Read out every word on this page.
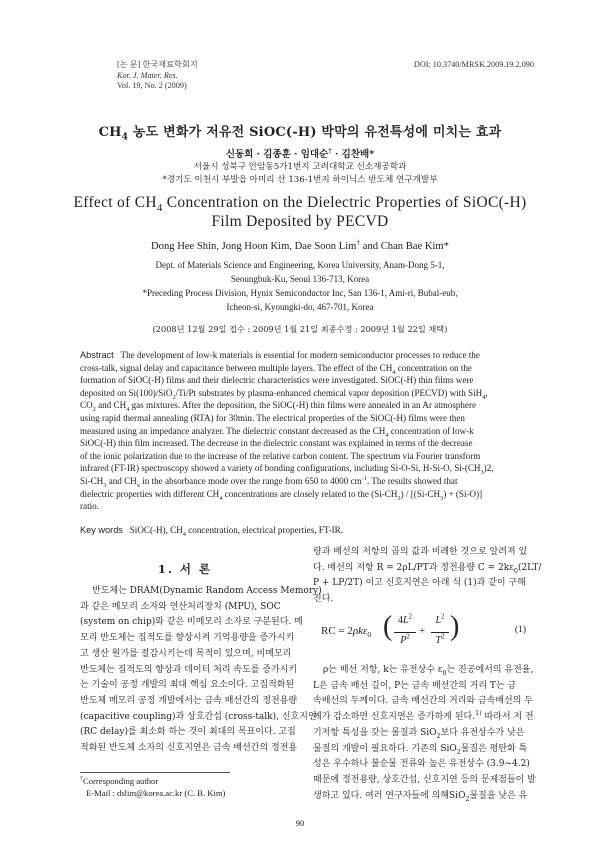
[논 문] 한국재료학회지
Kor. J. Mater. Res.
Vol. 19, No. 2 (2009)
DOI: 10.3740/MRSK.2009.19.2.090
$CH_4$ 농도 변화가 저유전 SiOC(-H) 박막의 유전특성에 미치는 효과
신동희 · 김종훈 · 임대순† · 김찬배*
서울시 성북구 안암동5가1번지 고려대학교 신소재공학과
*경기도 이천시 부발읍 아미리 산 136-1번지 하이닉스 반도체 연구개발부
Effect of $CH_4$ Concentration on the Dielectric Properties of SiOC(-H)
Film Deposited by PECVD
Dong Hee Shin, Jong Hoon Kim, Dae Soon Lim† and Chan Bae Kim*
Dept. of Materials Science and Engineering, Korea University, Anam-Dong 5-1,
Seoungbuk-Ku, Seoul 136-713, Korea
*Preceding Process Division, Hynix Semiconductor Inc, San 136-1, Ami-ri, Bubal-eub,
Icheon-si, Kyoungki-do, 467-701, Korea
(2008년 12월 29일 접수 : 2009년 1월 21일 최종수정 : 2009년 1월 22일 채택)
Abstract The development of low-k materials is essential for modern semiconductor processes to reduce the
cross-talk, signal delay and capacitance between multiple layers. The effect of the $CH_4$ concentration on the
formation of SiOC(-H) films and their dielectric characteristics were investigated. SiOC(-H) thin films were
deposited on Si(100)/SiO$_2$/Ti/Pt substrates by plasma-enhanced chemical vapor deposition (PECVD) with SiH$_4$,
$CO_2$ and $CH_4$ gas mixtures. After the deposition, the SiOC(-H) thin films were annealed in an Ar atmosphere
using rapid thermal annealing (RTA) for 30min. The electrical properties of the SiOC(-H) films were then
measured using an impedance analyzer. The dielectric constant decreased as the $CH_4$ concentration of low-k
SiOC(-H) thin film increased. The decrease in the dielectric constant was explained in terms of the decrease
of the ionic polarization due to the increase of the relative carbon content. The spectrum via Fourier transform
infrared (FT-IR) spectroscopy showed a variety of bonding configurations, including Si-O-Si, H-Si-O, $Si-(CH_3)2$,
$Si-CH_3$ and $CH_x$ in the absorbance mode over the range from 650 to 4000 $cm^{-1}$. The results showed that
dielectric properties with different $CH_4$ concentrations are closely related to the $(Si-CH_3) / [(Si-CH_3) + (Si-O)]$
ratio.
Key words SiOC(-H), $CH_4$ concentration, electrical properties, FT-IR.
1. 서 론
반도체는 DRAM(Dynamic Random Access Memory)
과 같은 메모리 소자와 연산처리장치 (MPU), SOC
(system on chip)와 같은 비메모리 소자로 구분된다. 메
모리 반도체는 집적도를 향상시켜 기억용량을 증가시키
고 생산 원가를 절감시키는데 목적이 있으며, 비메모리
반도체는 집적도의 향상과 데이터 처리 속도를 증가시키
는 기술이 공정 개발의 최대 핵심 요소이다. 고집적화된
반도체 메모리 공정 개발에서는 금속 배선간의 정전용량
(capacitive coupling)과 상호간섭 (cross-talk), 신호지연
(RC delay)를 최소화 하는 것이 최대의 목표이다. 고집
적화된 반도체 소자의 신호지연은 금속 배선간의 정전용
†Corresponding author
E-Mail : dslim@korea.ac.kr (C. B. Kim)
량과 배선의 저항의 곱의 값과 비례한 것으로 알려져 있
다. 배선의 저항 R = 2ρL/PT과 정전용량 $C = 2k\varepsilon_0(2LT/$
P + LP/2T) 이고 신호지연은 아래 식 (1)과 같이 구해
진다.
RC = 2ρkε$_0$ ( $4L^2$
$P^2$ +
$L^2$
$T^2$ )	(1)
ρ는 배선 저항, k는 유전상수 $\varepsilon_0$는 진공에서의 유전율,
L은 금속 배선 길이, P는 금속 배선간의 거리 T는 금
속배선의 두께이다. 금속 배선간의 거리와 금속배선의 두
께가 감소하면 신호지연은 증가하게 된다.$^{1)}$ 따라서 저 전
기저항 특성을 갖는 물질과 SiO$_2$보다 유전상수가 낮은
물질의 개발이 필요하다. 기존의 SiO$_2$물질은 평탄화 특
성은 우수하나 불순물 전류와 높은 유전상수 (3.9~4.2)
때문에 정전용량, 상호간섭, 신호지연 등의 문제점들이 발
생하고 있다. 여러 연구자들에 의해SiO$_2$물질을 낮은 유
90
